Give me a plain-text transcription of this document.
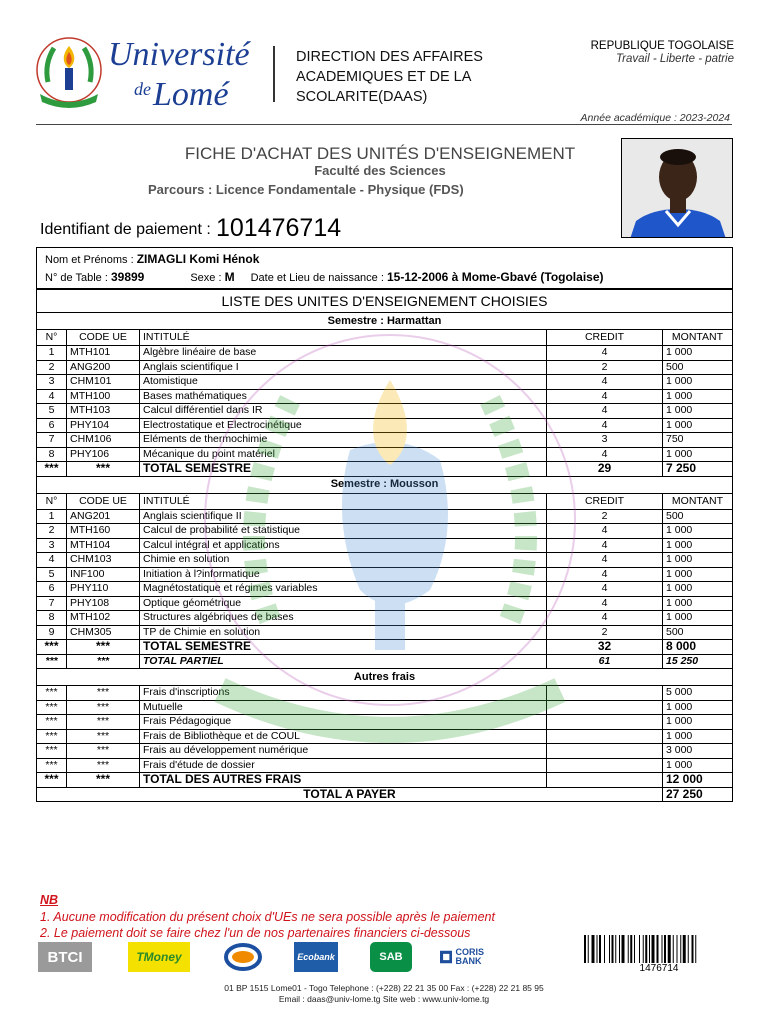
Université
$^{de}$Lomé
DIRECTION DES AFFAIRES ACADEMIQUES ET DE LA SCOLARITE(DAAS)
REPUBLIQUE TOGOLAISE
Travail - Liberte - patrie
Année académique : 2023-2024
FICHE D'ACHAT DES UNITÉS D'ENSEIGNEMENT
Faculté des Sciences
Parcours : Licence Fondamentale - Physique (FDS)
Identifiant de paiement : 101476714
Nom et Prénoms : ZIMAGLI Komi Hénok
N° de Table : 39899	Sexe : M Date et Lieu de naissance : 15-12-2006 à Mome-Gbavé (Togolaise)
LISTE DES UNITES D'ENSEIGNEMENT CHOISIES				
Semestre : Harmattan				
N°	CODE UE	INTITULÉ	CREDIT	MONTANT
1	MTH101	Algèbre linéaire de base	4	1 000
2	ANG200	Anglais scientifique I	2	500
3	CHM101	Atomistique	4	1 000
4	MTH100	Bases mathématiques	4	1 000
5	MTH103	Calcul différentiel dans IR	4	1 000
6	PHY104	Electrostatique et Electrocinétique	4	1 000
7	CHM106	Eléments de thermochimie	3	750
8	PHY106	Mécanique du point matériel	4	1 000
***	***	TOTAL SEMESTRE	29	7 250
Semestre : Mousson				
N°	CODE UE	INTITULÉ	CREDIT	MONTANT
1	ANG201	Anglais scientifique II	2	500
2	MTH160	Calcul de probabilité et statistique	4	1 000
3	MTH104	Calcul intégral et applications	4	1 000
4	CHM103	Chimie en solution	4	1 000
5	INF100	Initiation à l?informatique	4	1 000
6	PHY110	Magnétostatique et régimes variables	4	1 000
7	PHY108	Optique géométrique	4	1 000
8	MTH102	Structures algébriques de bases	4	1 000
9	CHM305	TP de Chimie en solution	2	500
***	***	TOTAL SEMESTRE	32	8 000
***	***	TOTAL PARTIEL	61	15 250
Autres frais				
***	***	Frais d'inscriptions		5 000
***	***	Mutuelle		1 000
***	***	Frais Pédagogique		1 000
***	***	Frais de Bibliothèque et de COUL		1 000
***	***	Frais au développement numérique		3 000
***	***	Frais d'étude de dossier		1 000
***	***	TOTAL DES AUTRES FRAIS		12 000
TOTAL A PAYER				27 250
NB
1. Aucune modification du présent choix d'UEs ne sera possible après le paiement
2. Le paiement doit se faire chez l'un de nos partenaires financiers ci-dessous
BTCI	TMoney	Ecobank	SAB	CORIS BANK
1476714
01 BP 1515 Lome01 - Togo Telephone : (+228) 22 21 35 00 Fax : (+228) 22 21 85 95
Email : daas@univ-lome.tg Site web : www.univ-lome.tg
